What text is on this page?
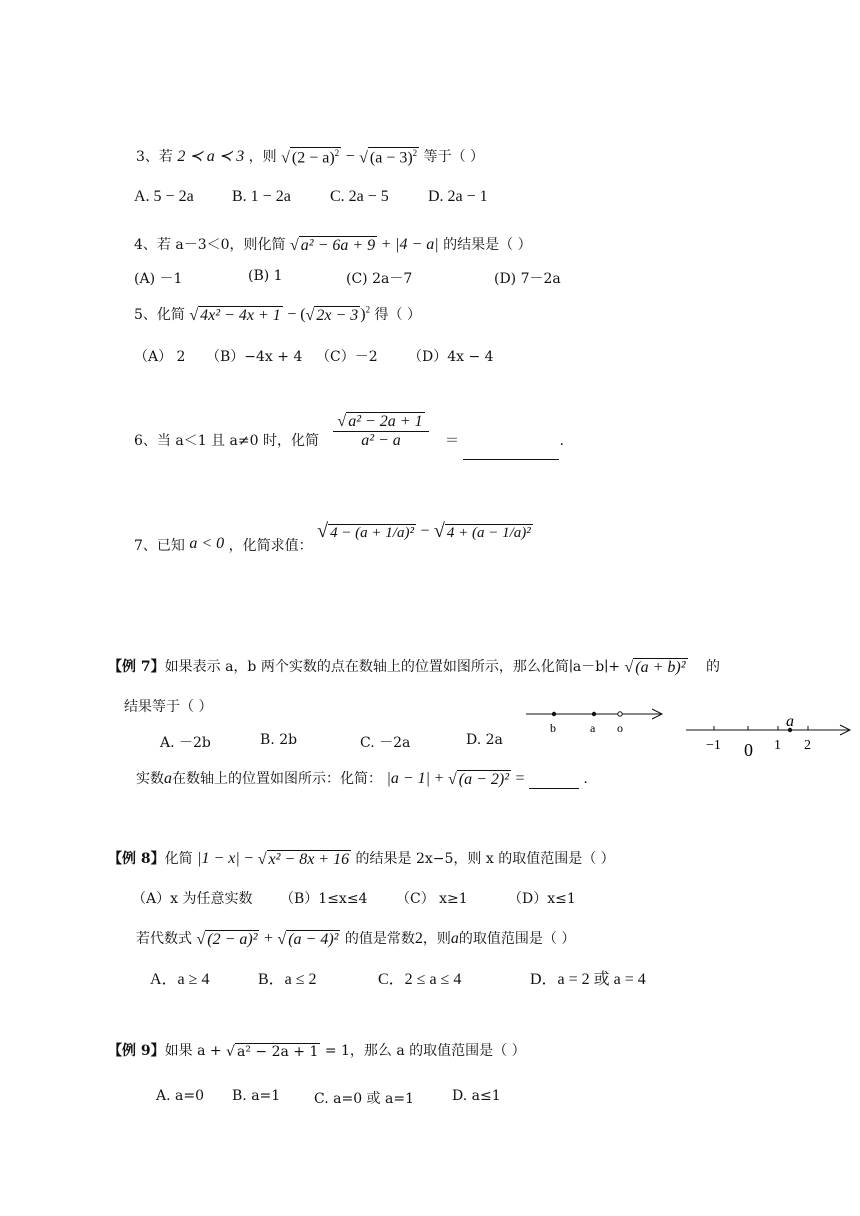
3、若 2 ≺ a ≺ 3 ，则 √ $(2 - a)^2$ − √ $(a - 3)^2$ 等于（ ）
A. 5 − 2a B. 1 − 2a C. 2a − 5 D. 2a − 1
4、若 a－3＜0，则化简 √ a² − 6a + 9 + |4 − a| 的结果是（ ）
(A) －1	(B) 1	(C) 2a－7	(D) 7－2a
5、化简 √ 4x² − 4x + 1 − (√ 2x − 3 )$^2$ 得（ ）
（A） 2 （B）−4x + 4 （C）－2 （D）4x − 4
6、当 a＜1 且 a≠0 时，化简 $\frac{\text{√ a² − 2a + 1}}{\text{a² − a}}$ ＝	.
7、已知 a < 0 ，化简求值： √ 4 − (a + 1/a)² − √ 4 + (a − 1/a)²
【例 7】如果表示 a，b 两个实数的点在数轴上的位置如图所示，那么化简∣a－b∣+ √ (a + b)² 的
结果等于（ ）
A. －2b	B. 2b	C. －2a	D. 2a
b	a o	a
−1 0 1 2
实数a在数轴上的位置如图所示：化简： |a − 1| + √ (a − 2)² =	.
【例 8】化简 |1 − x| − √ x² − 8x + 16 的结果是 2x−5，则 x 的取值范围是（ ）
（A）x 为任意实数 （B）1≤x≤4 （C） x≥1	（D）x≤1
若代数式 √ (2 − a)² + √ (a − 4)² 的值是常数2，则a的取值范围是（ ）
A．a ≥ 4	B．a ≤ 2	C．2 ≤ a ≤ 4	D．a = 2 或 a = 4
【例 9】如果 a + √ a² − 2a + 1 = 1，那么 a 的取值范围是（ ）
A. a=0 B. a=1 C. a=0 或 a=1	D. a≤1
